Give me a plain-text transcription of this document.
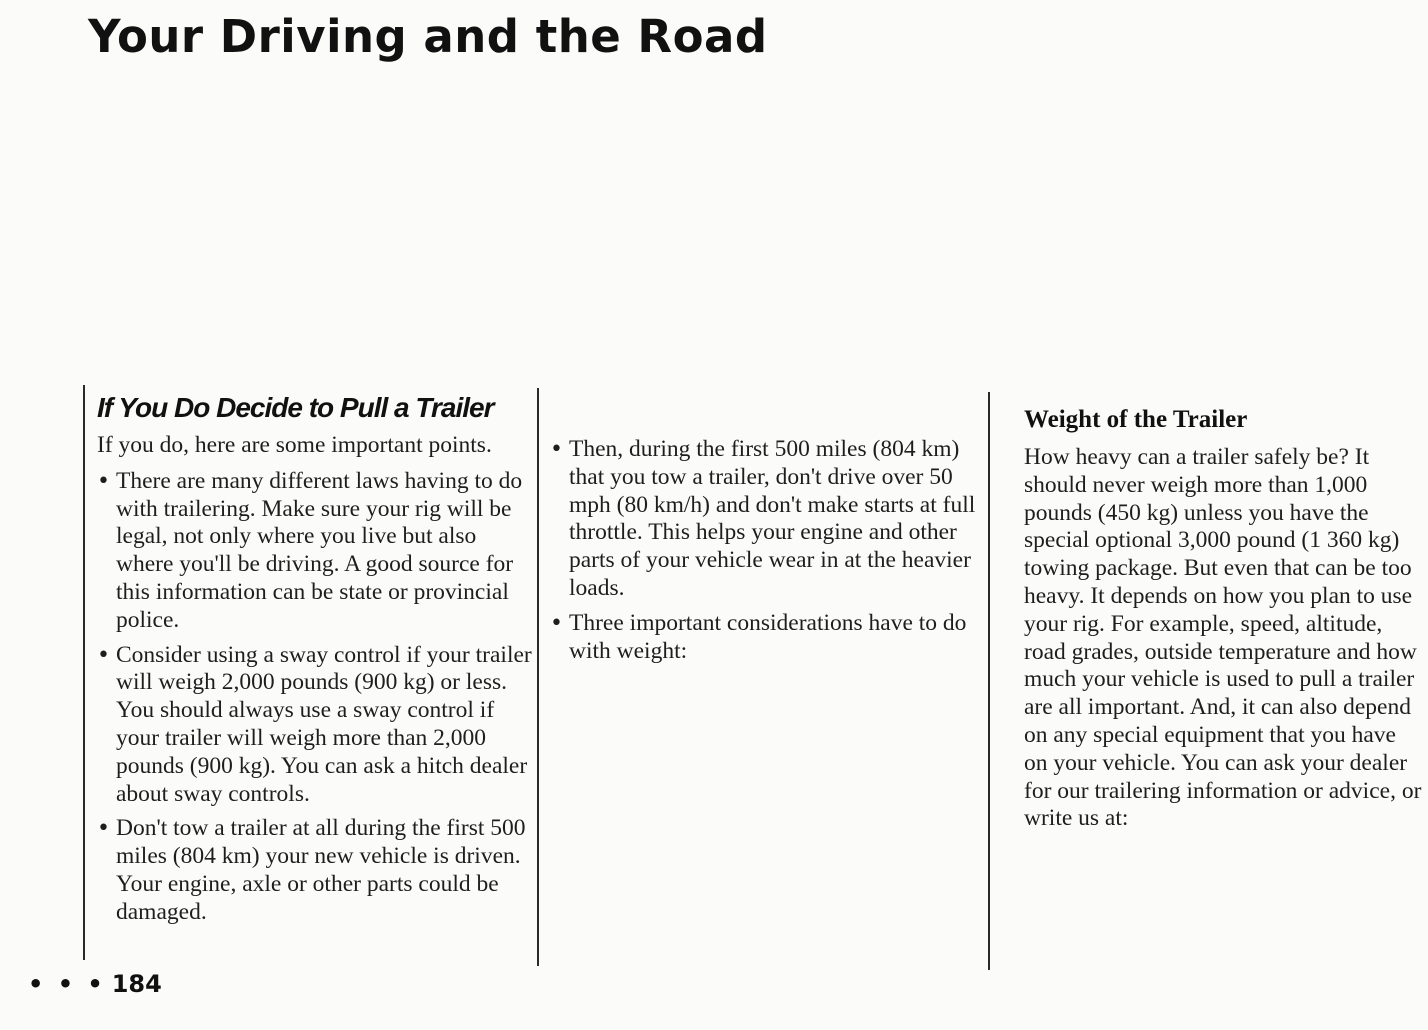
Your Driving and the Road
If You Do Decide to Pull a Trailer

If you do, here are some important points.

• There are many different laws having to do with trailering. Make sure your rig will be legal, not only where you live but also where you'll be driving. A good source for this information can be state or provincial police.
• Consider using a sway control if your trailer will weigh 2,000 pounds (900 kg) or less. You should always use a sway control if your trailer will weigh more than 2,000 pounds (900 kg). You can ask a hitch dealer about sway controls.
• Don't tow a trailer at all during the first 500 miles (804 km) your new vehicle is driven. Your engine, axle or other parts could be damaged.
• Then, during the first 500 miles (804 km) that you tow a trailer, don't drive over 50 mph (80 km/h) and don't make starts at full throttle. This helps your engine and other parts of your vehicle wear in at the heavier loads.
• Three important considerations have to do with weight:
Weight of the Trailer

How heavy can a trailer safely be? It should never weigh more than 1,000 pounds (450 kg) unless you have the special optional 3,000 pound (1 360 kg) towing package. But even that can be too heavy. It depends on how you plan to use your rig. For example, speed, altitude, road grades, outside temperature and how much your vehicle is used to pull a trailer are all important. And, it can also depend on any special equipment that you have on your vehicle. You can ask your dealer for our trailering information or advice, or write us at:

• • • 184
